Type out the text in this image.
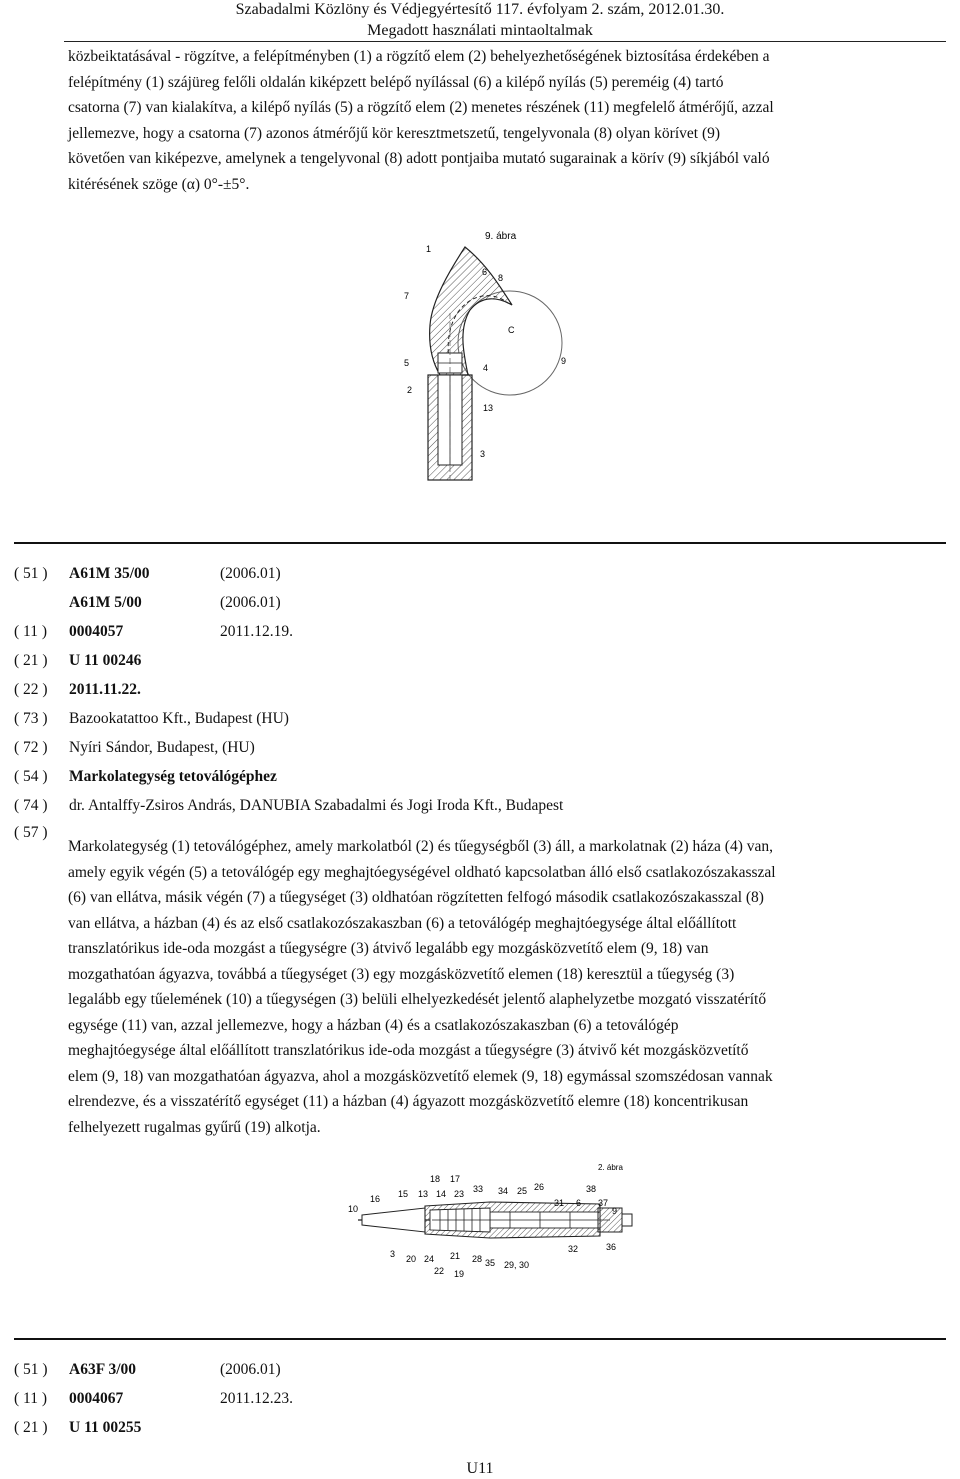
Szabadalmi Közlöny és Védjegyértesítő 117. évfolyam 2. szám, 2012.01.30.
Megadott használati mintaoltalmak
közbeiktatásával - rögzítve, a felépítményben (1) a rögzítő elem (2) behelyezhetőségének biztosítása érdekében a
felépítmény (1) szájüreg felőli oldalán kiképzett belépő nyílással (6) a kilépő nyílás (5) pereméig (4) tartó
csatorna (7) van kialakítva, a kilépő nyílás (5) a rögzítő elem (2) menetes részének (11) megfelelő átmérőjű, azzal
jellemezve, hogy a csatorna (7) azonos átmérőjű kör keresztmetszetű, tengelyvonala (8) olyan körívet (9)
követően van kiképezve, amelynek a tengelyvonal (8) adott pontjaiba mutató sugarainak a körív (9) síkjából való
kitérésének szöge (α) 0°-±5°.
9. ábra
1
6
8
7
C
5	4
9
2
13
3
( 51 )	A61M 35/00	(2006.01)
A61M 5/00	(2006.01)
( 11 )	0004057	2011.12.19.
( 21 )	U 11 00246
( 22 )	2011.11.22.
( 73 )	Bazookatattoo Kft., Budapest (HU)
( 72 )	Nyíri Sándor, Budapest, (HU)
( 54 )	Markolategység tetoválógéphez
( 74 )	dr. Antalffy-Zsiros András, DANUBIA Szabadalmi és Jogi Iroda Kft., Budapest
( 57 )
Markolategység (1) tetoválógéphez, amely markolatból (2) és tűegységből (3) áll, a markolatnak (2) háza (4) van,
amely egyik végén (5) a tetoválógép egy meghajtóegységével oldható kapcsolatban álló első csatlakozószakasszal
(6) van ellátva, másik végén (7) a tűegységet (3) oldhatóan rögzítetten felfogó második csatlakozószakasszal (8)
van ellátva, a házban (4) és az első csatlakozószakaszban (6) a tetoválógép meghajtóegysége által előállított
transzlatórikus ide-oda mozgást a tűegységre (3) átvivő legalább egy mozgásközvetítő elem (9, 18) van
mozgathatóan ágyazva, továbbá a tűegységet (3) egy mozgásközvetítő elemen (18) keresztül a tűegység (3)
legalább egy tűelemének (10) a tűegységen (3) belüli elhelyezkedését jelentő alaphelyzetbe mozgató visszatérítő
egysége (11) van, azzal jellemezve, hogy a házban (4) és a csatlakozószakaszban (6) a tetoválógép
meghajtóegysége által előállított transzlatórikus ide-oda mozgást a tűegységre (3) átvivő két mozgásközvetítő
elem (9, 18) van mozgathatóan ágyazva, ahol a mozgásközvetítő elemek (9, 18) egymással szomszédosan vannak
elrendezve, és a visszatérítő egységet (11) a házban (4) ágyazott mozgásközvetítő elemre (18) koncentrikusan
felhelyezett rugalmas gyűrű (19) alkotja.
2. ábra
18 17
16 15 13 14 23 33 34 25 26	38
31 6 37
9
10
3 20 24 21
22 19
28 35 29, 30
32	36
( 51 )	A63F 3/00	(2006.01)
( 11 )	0004067	2011.12.23.
( 21 )	U 11 00255
U11
